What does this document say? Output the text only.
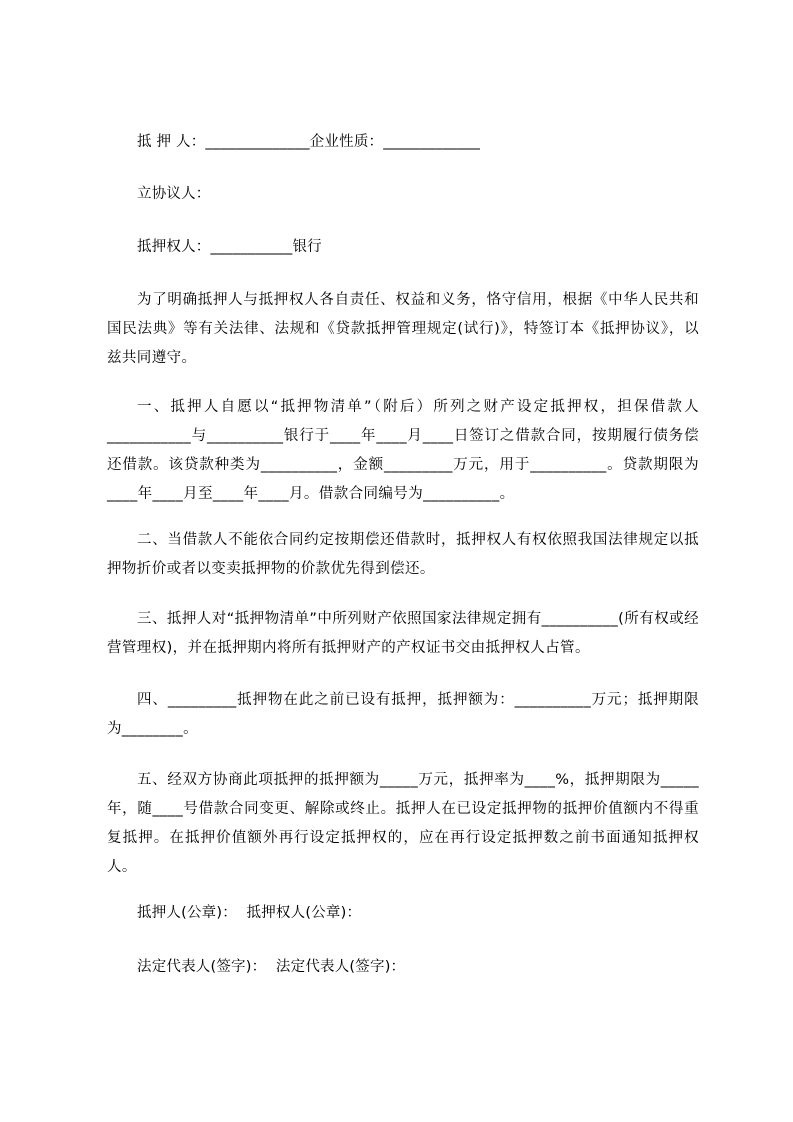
抵 押 人：______________企业性质：_____________
立协议人：
抵押权人：___________银行
为了明确抵押人与抵押权人各自责任、权益和义务，恪守信用，根据《中华人民共和国民法典》等有关法律、法规和《贷款抵押管理规定(试行)》，特签订本《抵押协议》，以兹共同遵守。
一、抵押人自愿以“抵押物清单”（附后）所列之财产设定抵押权，担保借款人___________与__________银行于____年____月____日签订之借款合同，按期履行债务偿还借款。该贷款种类为__________，金额_________万元，用于__________。贷款期限为____年____月至____年____月。借款合同编号为__________。
二、当借款人不能依合同约定按期偿还借款时，抵押权人有权依照我国法律规定以抵押物折价或者以变卖抵押物的价款优先得到偿还。
三、抵押人对“抵押物清单”中所列财产依照国家法律规定拥有__________(所有权或经营管理权)，并在抵押期内将所有抵押财产的产权证书交由抵押权人占管。
四、_________抵押物在此之前已设有抵押，抵押额为：__________万元；抵押期限为________。
五、经双方协商此项抵押的抵押额为_____万元，抵押率为____%，抵押期限为_____年，随____号借款合同变更、解除或终止。抵押人在已设定抵押物的抵押价值额内不得重复抵押。在抵押价值额外再行设定抵押权的，应在再行设定抵押数之前书面通知抵押权人。
抵押人(公章)：  抵押权人(公章)：
法定代表人(签字)：  法定代表人(签字)：
